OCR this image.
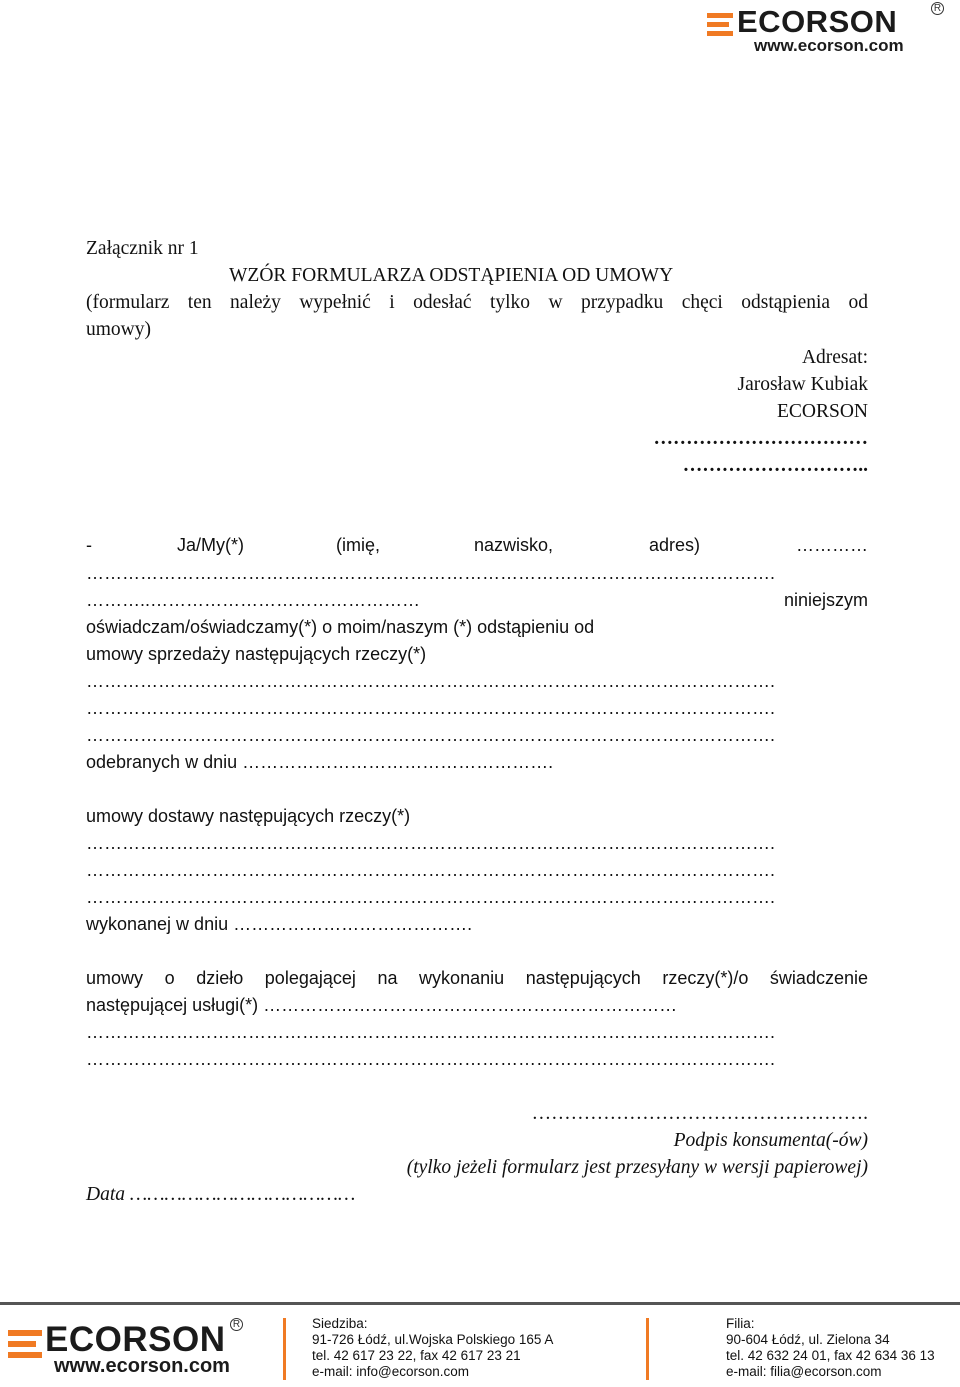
ECORSON	R
www.ecorson.com
Załącznik nr 1
WZÓR FORMULARZA ODSTĄPIENIA OD UMOWY
(formularz ten należy wypełnić i odesłać tylko w przypadku chęci odstąpienia od
umowy)
Adresat:
Jarosław Kubiak
ECORSON
……………………………
………………………..
-	Ja/My(*)	(imię,	nazwisko,	adres)	…………
…………………………………………………………………………………………………….
………..………………………………………	niniejszym
oświadczam/oświadczamy(*) o moim/naszym (*) odstąpieniu od
umowy sprzedaży następujących rzeczy(*)
…………………………………………………………………………………………………….
…………………………………………………………………………………………………….
…………………………………………………………………………………………………….
odebranych w dniu …………………………………………….
umowy dostawy następujących rzeczy(*)
…………………………………………………………………………………………………….
…………………………………………………………………………………………………….
…………………………………………………………………………………………………….
wykonanej w dniu ………………………………….
umowy o dzieło polegającej na wykonaniu następujących rzeczy(*)/o świadczenie
następującej usługi(*) ……………………………………………………………
…………………………………………………………………………………………………….
…………………………………………………………………………………………………….
…………………………………………….
Podpis konsumenta(-ów)
(tylko jeżeli formularz jest przesyłany w wersji papierowej)
Data …………………………………
ECORSON R
www.ecorson.com
Siedziba:
91-726 Łódź, ul.Wojska Polskiego 165 A
tel. 42 617 23 22, fax 42 617 23 21
e-mail: info@ecorson.com
Filia:
90-604 Łódź, ul. Zielona 34
tel. 42 632 24 01, fax 42 634 36 13
e-mail: filia@ecorson.com
